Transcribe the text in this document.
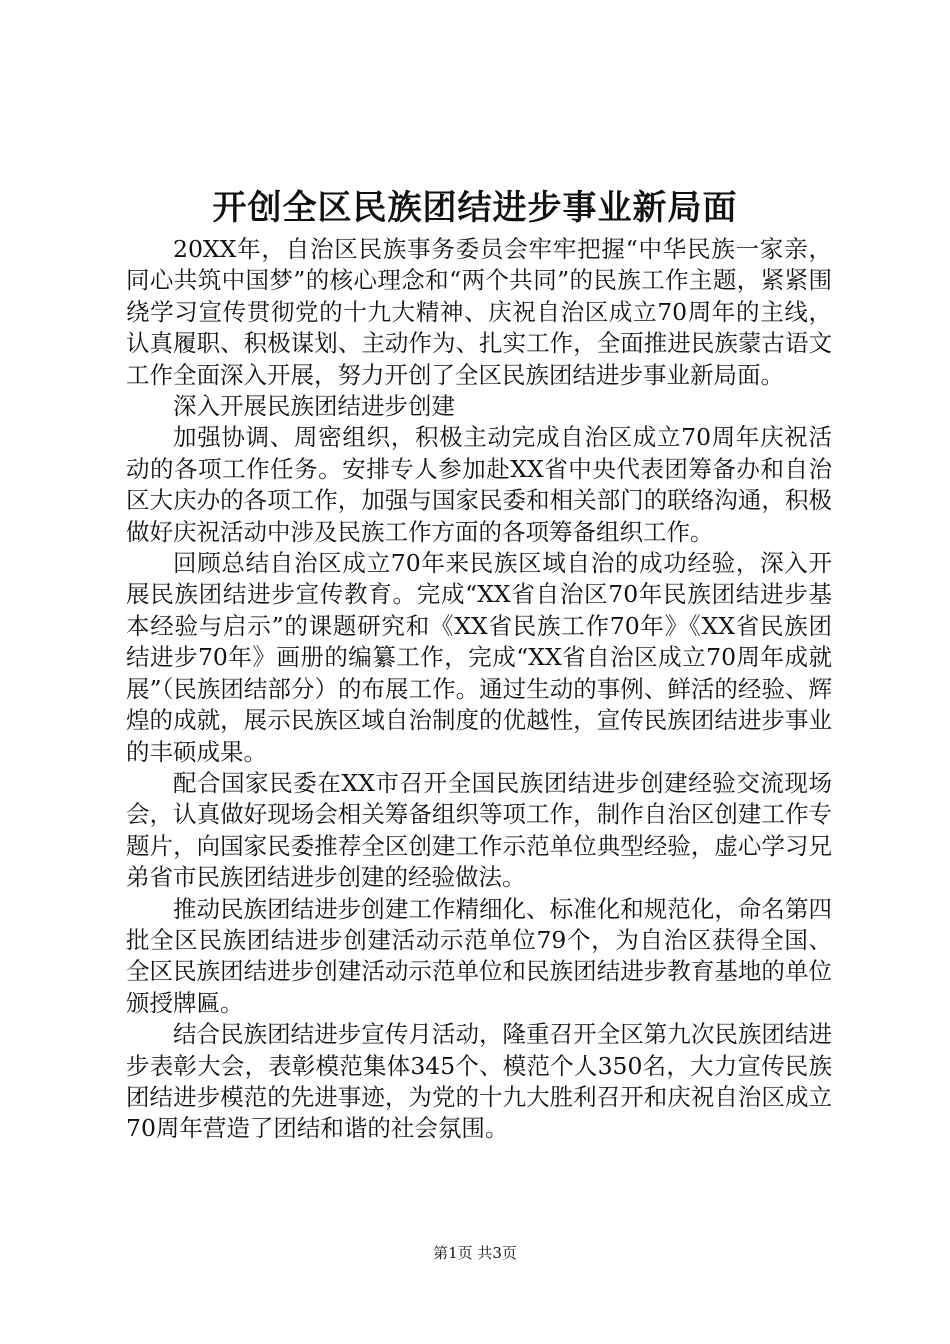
开创全区民族团结进步事业新局面

20XX年，自治区民族事务委员会牢牢把握“中华民族一家亲，同心共筑中国梦”的核心理念和“两个共同”的民族工作主题，紧紧围绕学习宣传贯彻党的十九大精神、庆祝自治区成立70周年的主线，认真履职、积极谋划、主动作为、扎实工作，全面推进民族蒙古语文工作全面深入开展，努力开创了全区民族团结进步事业新局面。

深入开展民族团结进步创建

加强协调、周密组织，积极主动完成自治区成立70周年庆祝活动的各项工作任务。安排专人参加赴XX省中央代表团筹备办和自治区大庆办的各项工作，加强与国家民委和相关部门的联络沟通，积极做好庆祝活动中涉及民族工作方面的各项筹备组织工作。

回顾总结自治区成立70年来民族区域自治的成功经验，深入开展民族团结进步宣传教育。完成“XX省自治区70年民族团结进步基本经验与启示”的课题研究和《XX省民族工作70年》《XX省民族团结进步70年》画册的编纂工作，完成“XX省自治区成立70周年成就展”（民族团结部分）的布展工作。通过生动的事例、鲜活的经验、辉煌的成就，展示民族区域自治制度的优越性，宣传民族团结进步事业的丰硕成果。

配合国家民委在XX市召开全国民族团结进步创建经验交流现场会，认真做好现场会相关筹备组织等项工作，制作自治区创建工作专题片，向国家民委推荐全区创建工作示范单位典型经验，虚心学习兄弟省市民族团结进步创建的经验做法。

推动民族团结进步创建工作精细化、标准化和规范化，命名第四批全区民族团结进步创建活动示范单位79个，为自治区获得全国、全区民族团结进步创建活动示范单位和民族团结进步教育基地的单位颁授牌匾。

结合民族团结进步宣传月活动，隆重召开全区第九次民族团结进步表彰大会，表彰模范集体345个、模范个人350名，大力宣传民族团结进步模范的先进事迹，为党的十九大胜利召开和庆祝自治区成立70周年营造了团结和谐的社会氛围。

第1页 共3页
